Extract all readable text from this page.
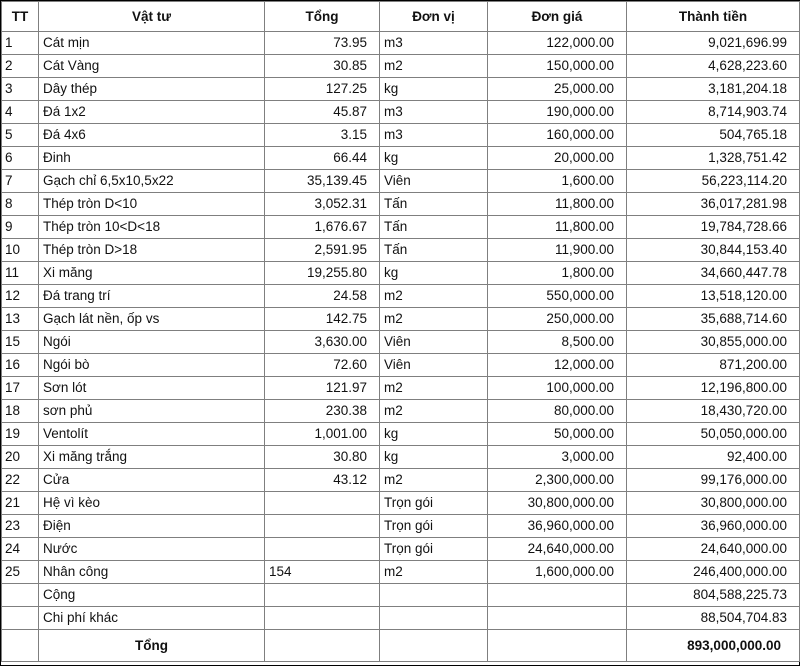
TT	Vật tư	Tổng	Đơn vị	Đơn giá	Thành tiền
1	Cát mịn	73.95	m3	122,000.00	9,021,696.99
2	Cát Vàng	30.85	m2	150,000.00	4,628,223.60
3	Dây thép	127.25	kg	25,000.00	3,181,204.18
4	Đá 1x2	45.87	m3	190,000.00	8,714,903.74
5	Đá 4x6	3.15	m3	160,000.00	504,765.18
6	Đinh	66.44	kg	20,000.00	1,328,751.42
7	Gạch chỉ 6,5x10,5x22	35,139.45	Viên	1,600.00	56,223,114.20
8	Thép tròn D<10	3,052.31	Tấn	11,800.00	36,017,281.98
9	Thép tròn 10<D<18	1,676.67	Tấn	11,800.00	19,784,728.66
10	Thép tròn D>18	2,591.95	Tấn	11,900.00	30,844,153.40
11	Xi măng	19,255.80	kg	1,800.00	34,660,447.78
12	Đá trang trí	24.58	m2	550,000.00	13,518,120.00
13	Gạch lát nền, ốp vs	142.75	m2	250,000.00	35,688,714.60
15	Ngói	3,630.00	Viên	8,500.00	30,855,000.00
16	Ngói bò	72.60	Viên	12,000.00	871,200.00
17	Sơn lót	121.97	m2	100,000.00	12,196,800.00
18	sơn phủ	230.38	m2	80,000.00	18,430,720.00
19	Ventolít	1,001.00	kg	50,000.00	50,050,000.00
20	Xi măng trắng	30.80	kg	3,000.00	92,400.00
22	Cửa	43.12	m2	2,300,000.00	99,176,000.00
21	Hệ vì kèo		Trọn gói	30,800,000.00	30,800,000.00
23	Điện		Trọn gói	36,960,000.00	36,960,000.00
24	Nước		Trọn gói	24,640,000.00	24,640,000.00
25	Nhân công	154	m2	1,600,000.00	246,400,000.00
	Cộng				804,588,225.73
	Chi phí khác				88,504,704.83
	Tổng				893,000,000.00
